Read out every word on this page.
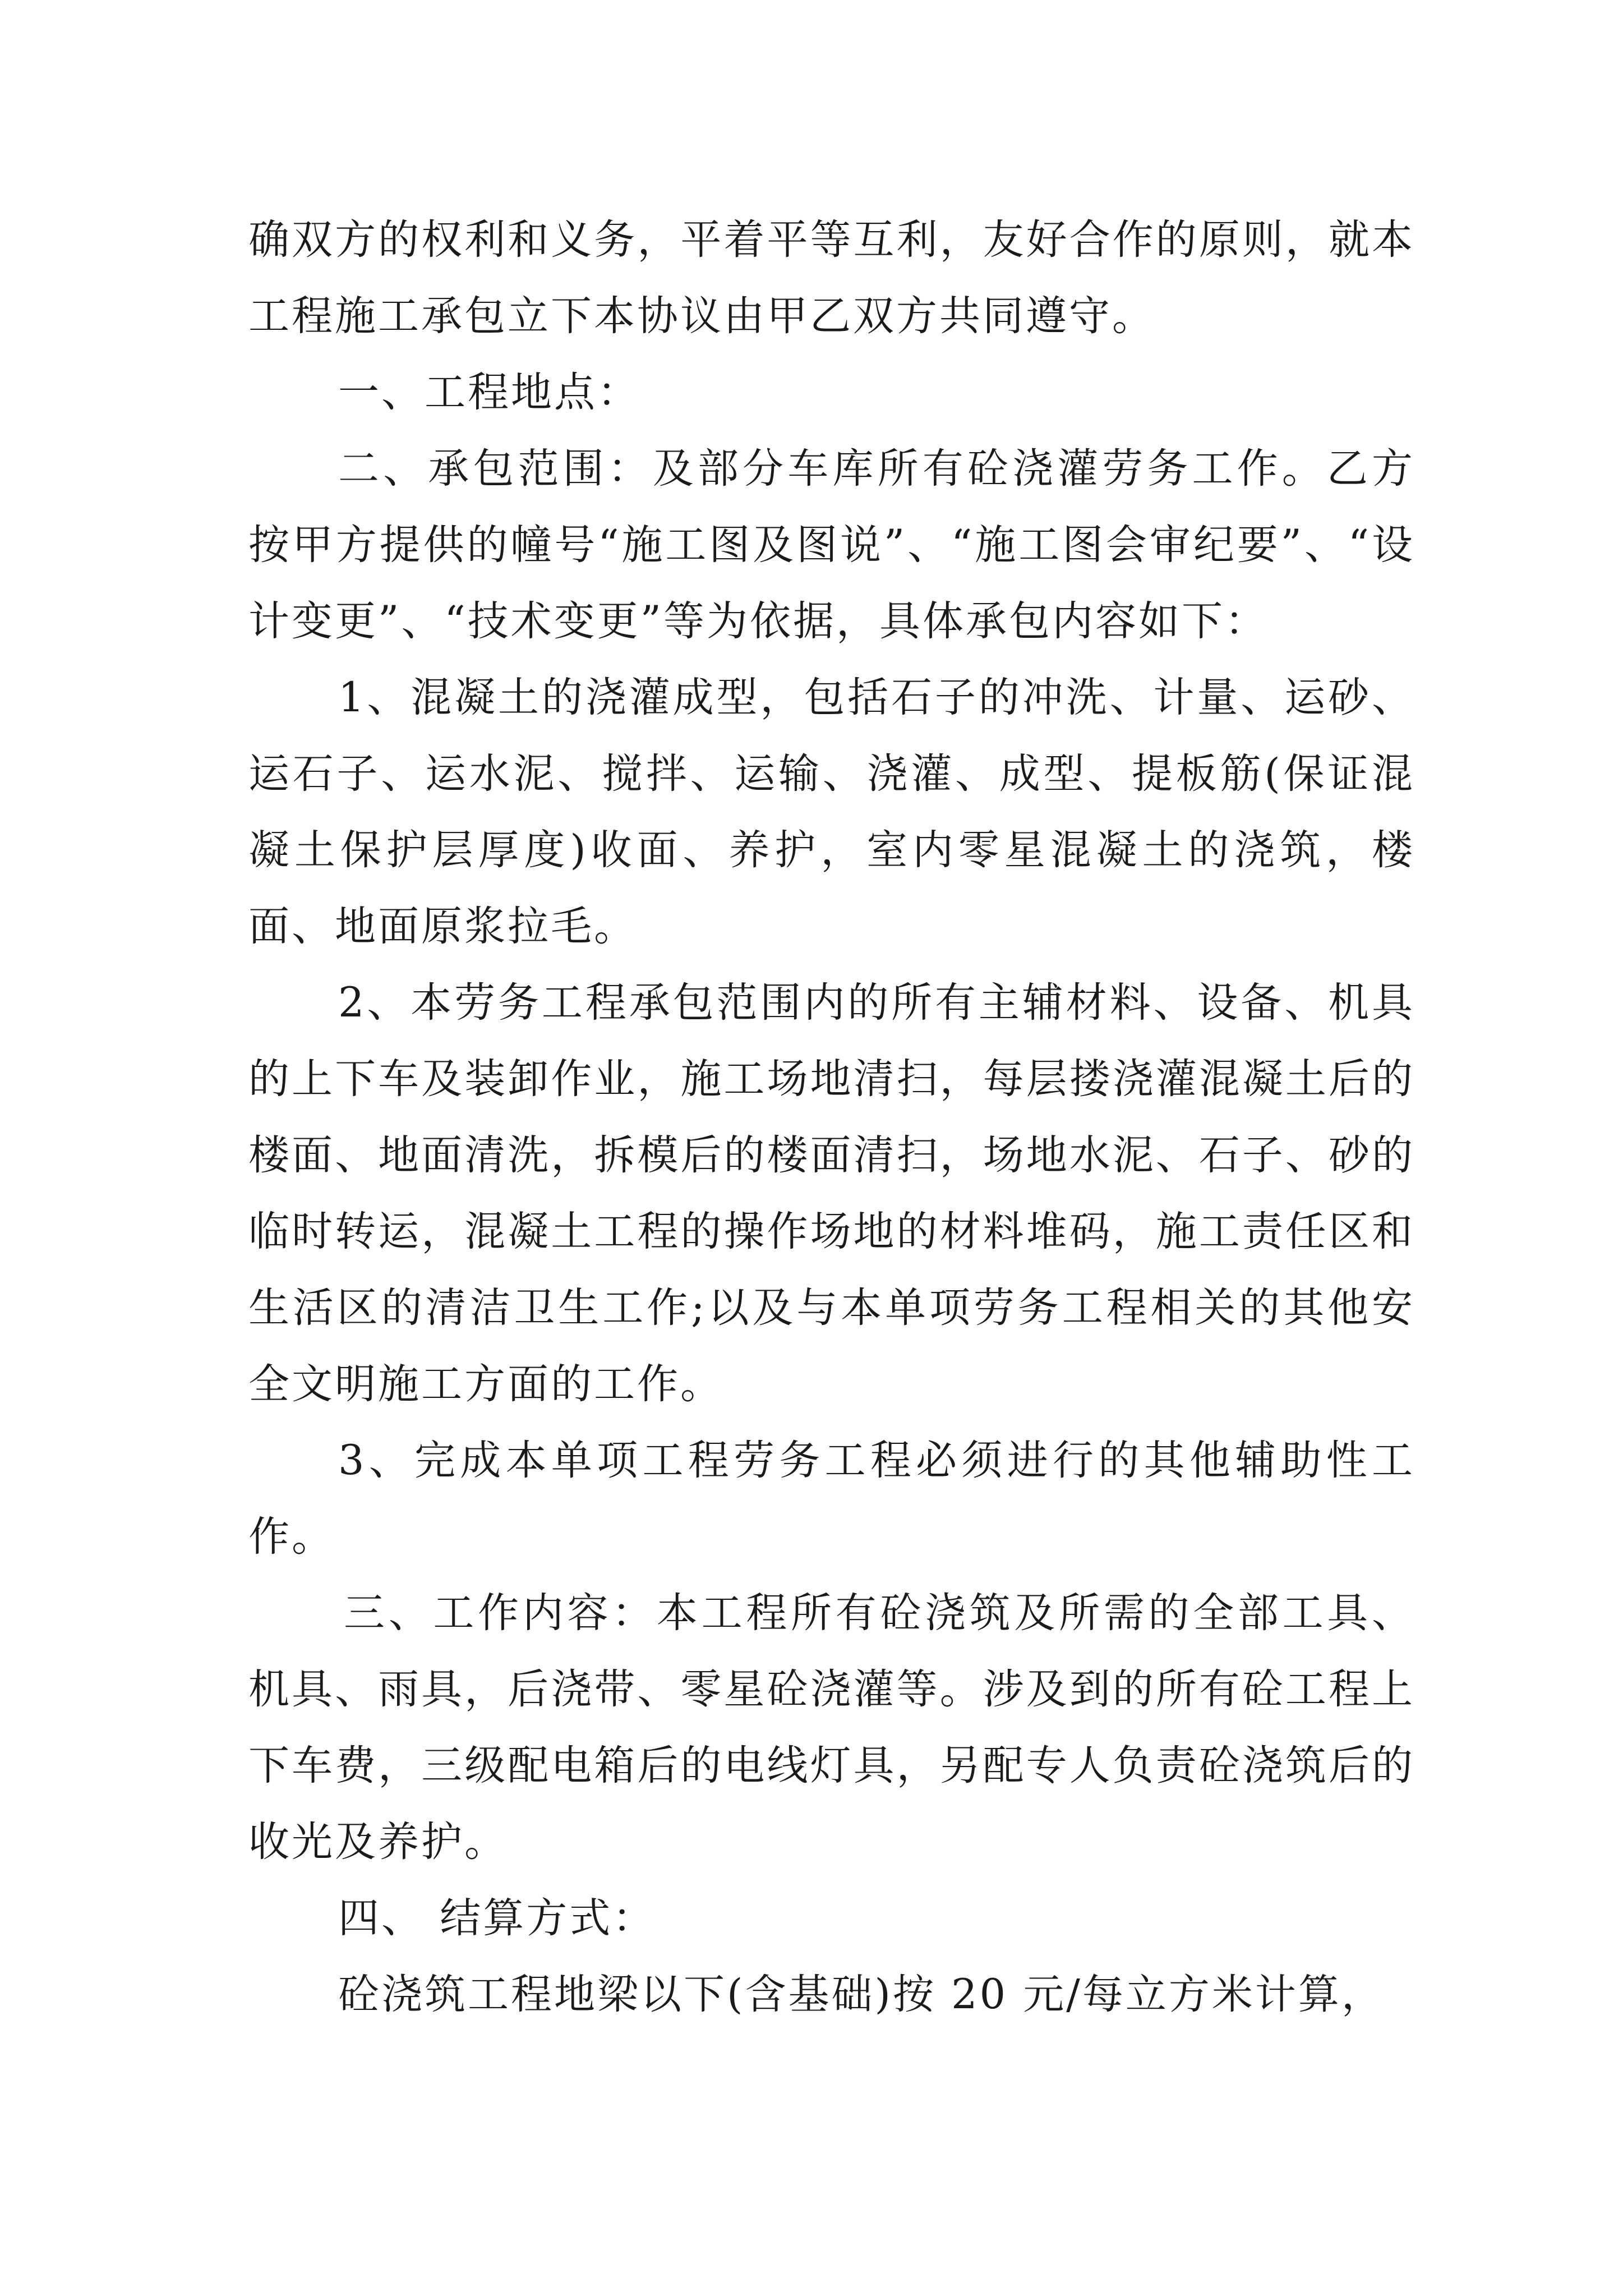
确双方的权利和义务，平着平等互利，友好合作的原则，就本工程施工承包立下本协议由甲乙双方共同遵守。

一、工程地点：

二、承包范围：及部分车库所有砼浇灌劳务工作。乙方按甲方提供的幢号“施工图及图说”、“施工图会审纪要”、“设计变更”、“技术变更”等为依据，具体承包内容如下：

1、混凝土的浇灌成型，包括石子的冲洗、计量、运砂、运石子、运水泥、搅拌、运输、浇灌、成型、提板筋(保证混凝土保护层厚度)收面、养护，室内零星混凝土的浇筑，楼面、地面原浆拉毛。

2、本劳务工程承包范围内的所有主辅材料、设备、机具的上下车及装卸作业，施工场地清扫，每层搂浇灌混凝土后的楼面、地面清洗，拆模后的楼面清扫，场地水泥、石子、砂的临时转运，混凝土工程的操作场地的材料堆码，施工责任区和生活区的清洁卫生工作;以及与本单项劳务工程相关的其他安全文明施工方面的工作。

3、完成本单项工程劳务工程必须进行的其他辅助性工作。

三、工作内容：本工程所有砼浇筑及所需的全部工具、机具、雨具，后浇带、零星砼浇灌等。涉及到的所有砼工程上下车费，三级配电箱后的电线灯具，另配专人负责砼浇筑后的收光及养护。

四、 结算方式：

砼浇筑工程地梁以下(含基础)按 20 元/每立方米计算，
